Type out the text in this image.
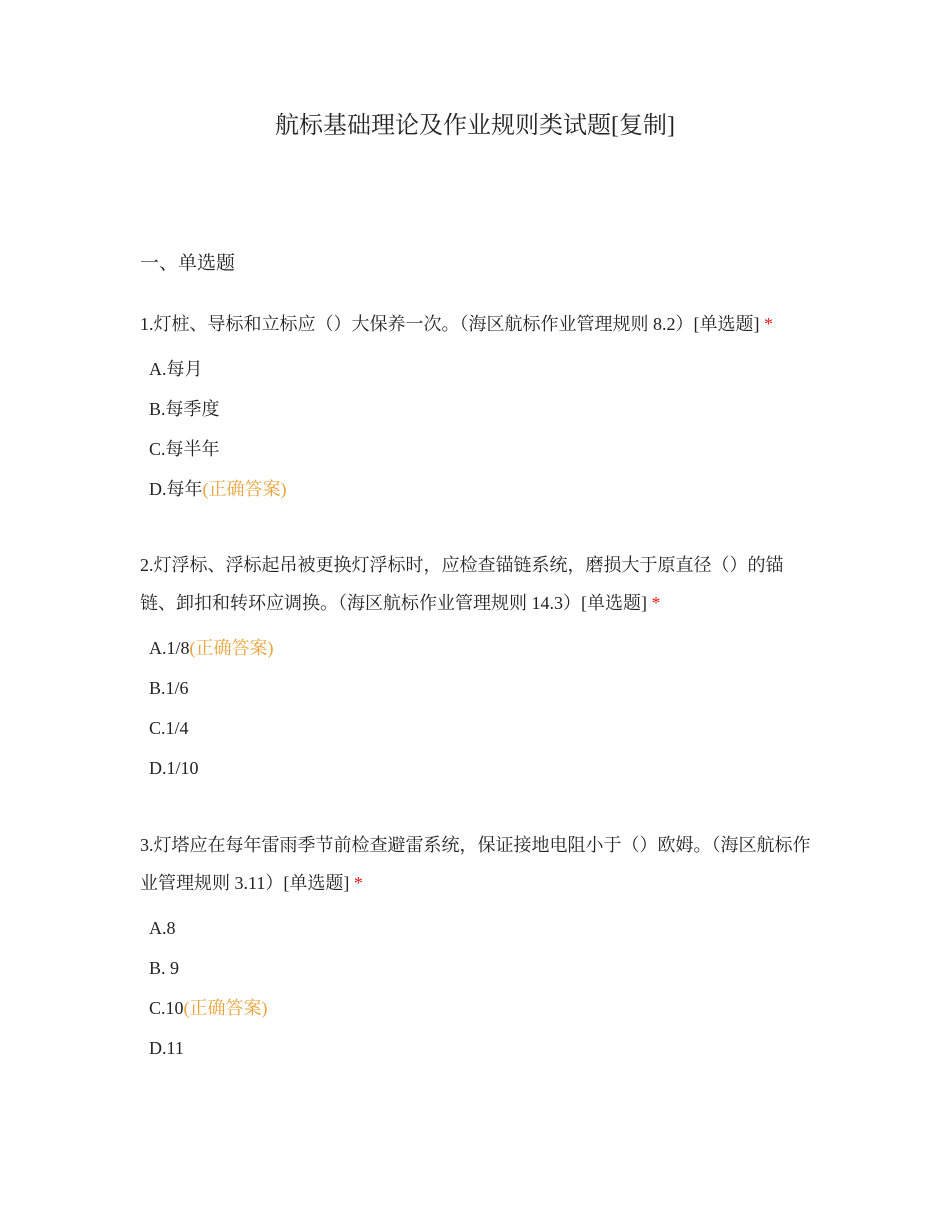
航标基础理论及作业规则类试题[复制]
一、单选题

1.灯桩、导标和立标应（）大保养一次。（海区航标作业管理规则 8.2）[单选题] *

A.每月
B.每季度
C.每半年
D.每年(正确答案)

2.灯浮标、浮标起吊被更换灯浮标时，应检查锚链系统，磨损大于原直径（）的锚链、卸扣和转环应调换。（海区航标作业管理规则 14.3）[单选题] *

A.1/8(正确答案)
B.1/6
C.1/4
D.1/10

3.灯塔应在每年雷雨季节前检查避雷系统，保证接地电阻小于（）欧姆。（海区航标作业管理规则 3.11）[单选题] *

A.8
B. 9
C.10(正确答案)
D.11
